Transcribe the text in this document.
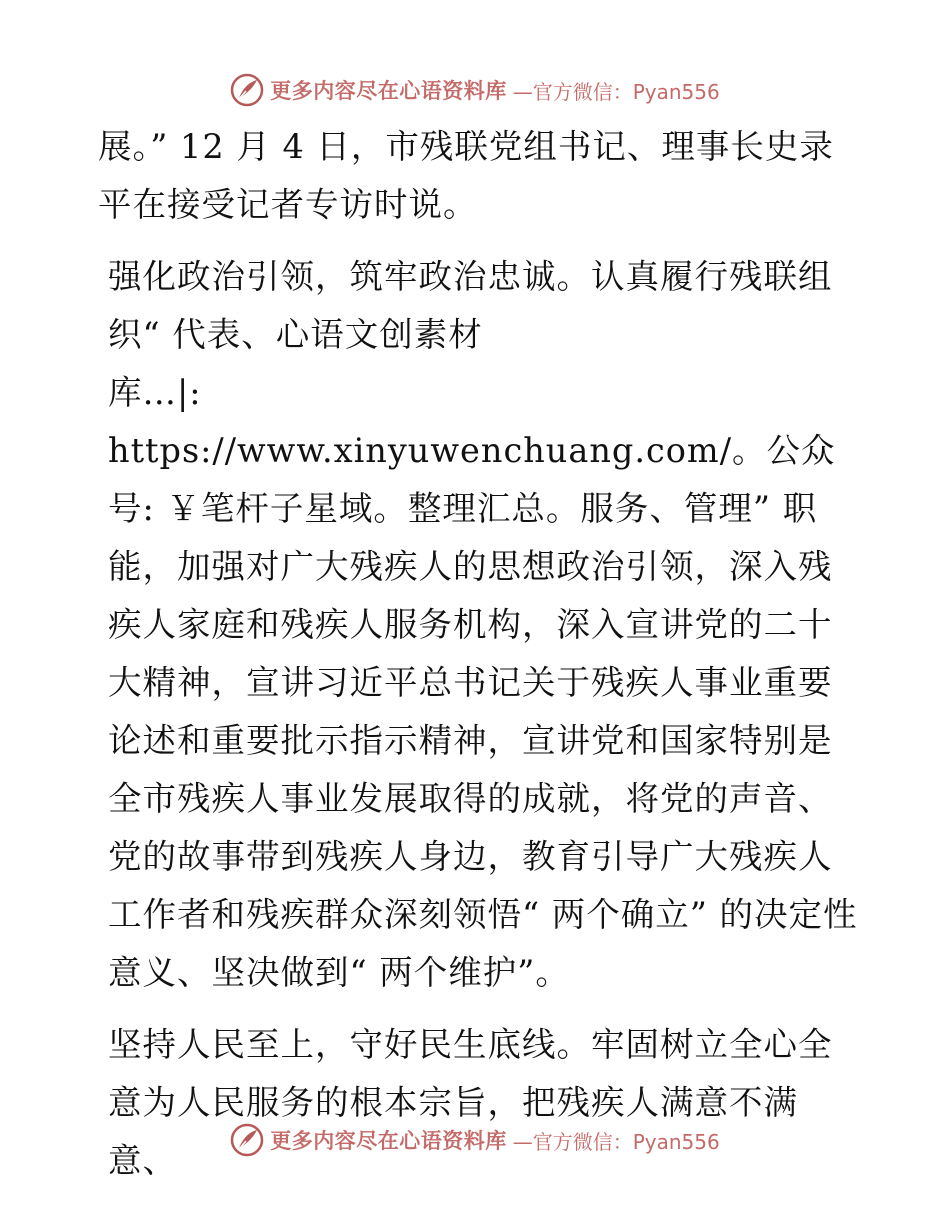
更多内容尽在心语资料库 —官方微信：Pyan556

展。” 12 月 4 日，市残联党组书记、理事长史录平在接受记者专访时说。

强化政治引领，筑牢政治忠诚。认真履行残联组
织“ 代表、心语文创素材
库…|: https://www.xinyuwenchuang.com/。公众
号: ￥笔杆子星域。整理汇总。服务、管理” 职能，加强对广大残疾人的思想政治引领，深入残疾人家庭和残疾人服务机构，深入宣讲党的二十大精神，宣讲习近平总书记关于残疾人事业重要论述和重要批示指示精神，宣讲党和国家特别是全市残疾人事业发展取得的成就，将党的声音、党的故事带到残疾人身边，教育引导广大残疾人工作者和残疾群众深刻领悟“ 两个确立” 的决定性意义、坚决做到“ 两个维护”。

坚持人民至上，守好民生底线。牢固树立全心全意为人民服务的根本宗旨，把残疾人满意不满意、

更多内容尽在心语资料库 —官方微信：Pyan556
